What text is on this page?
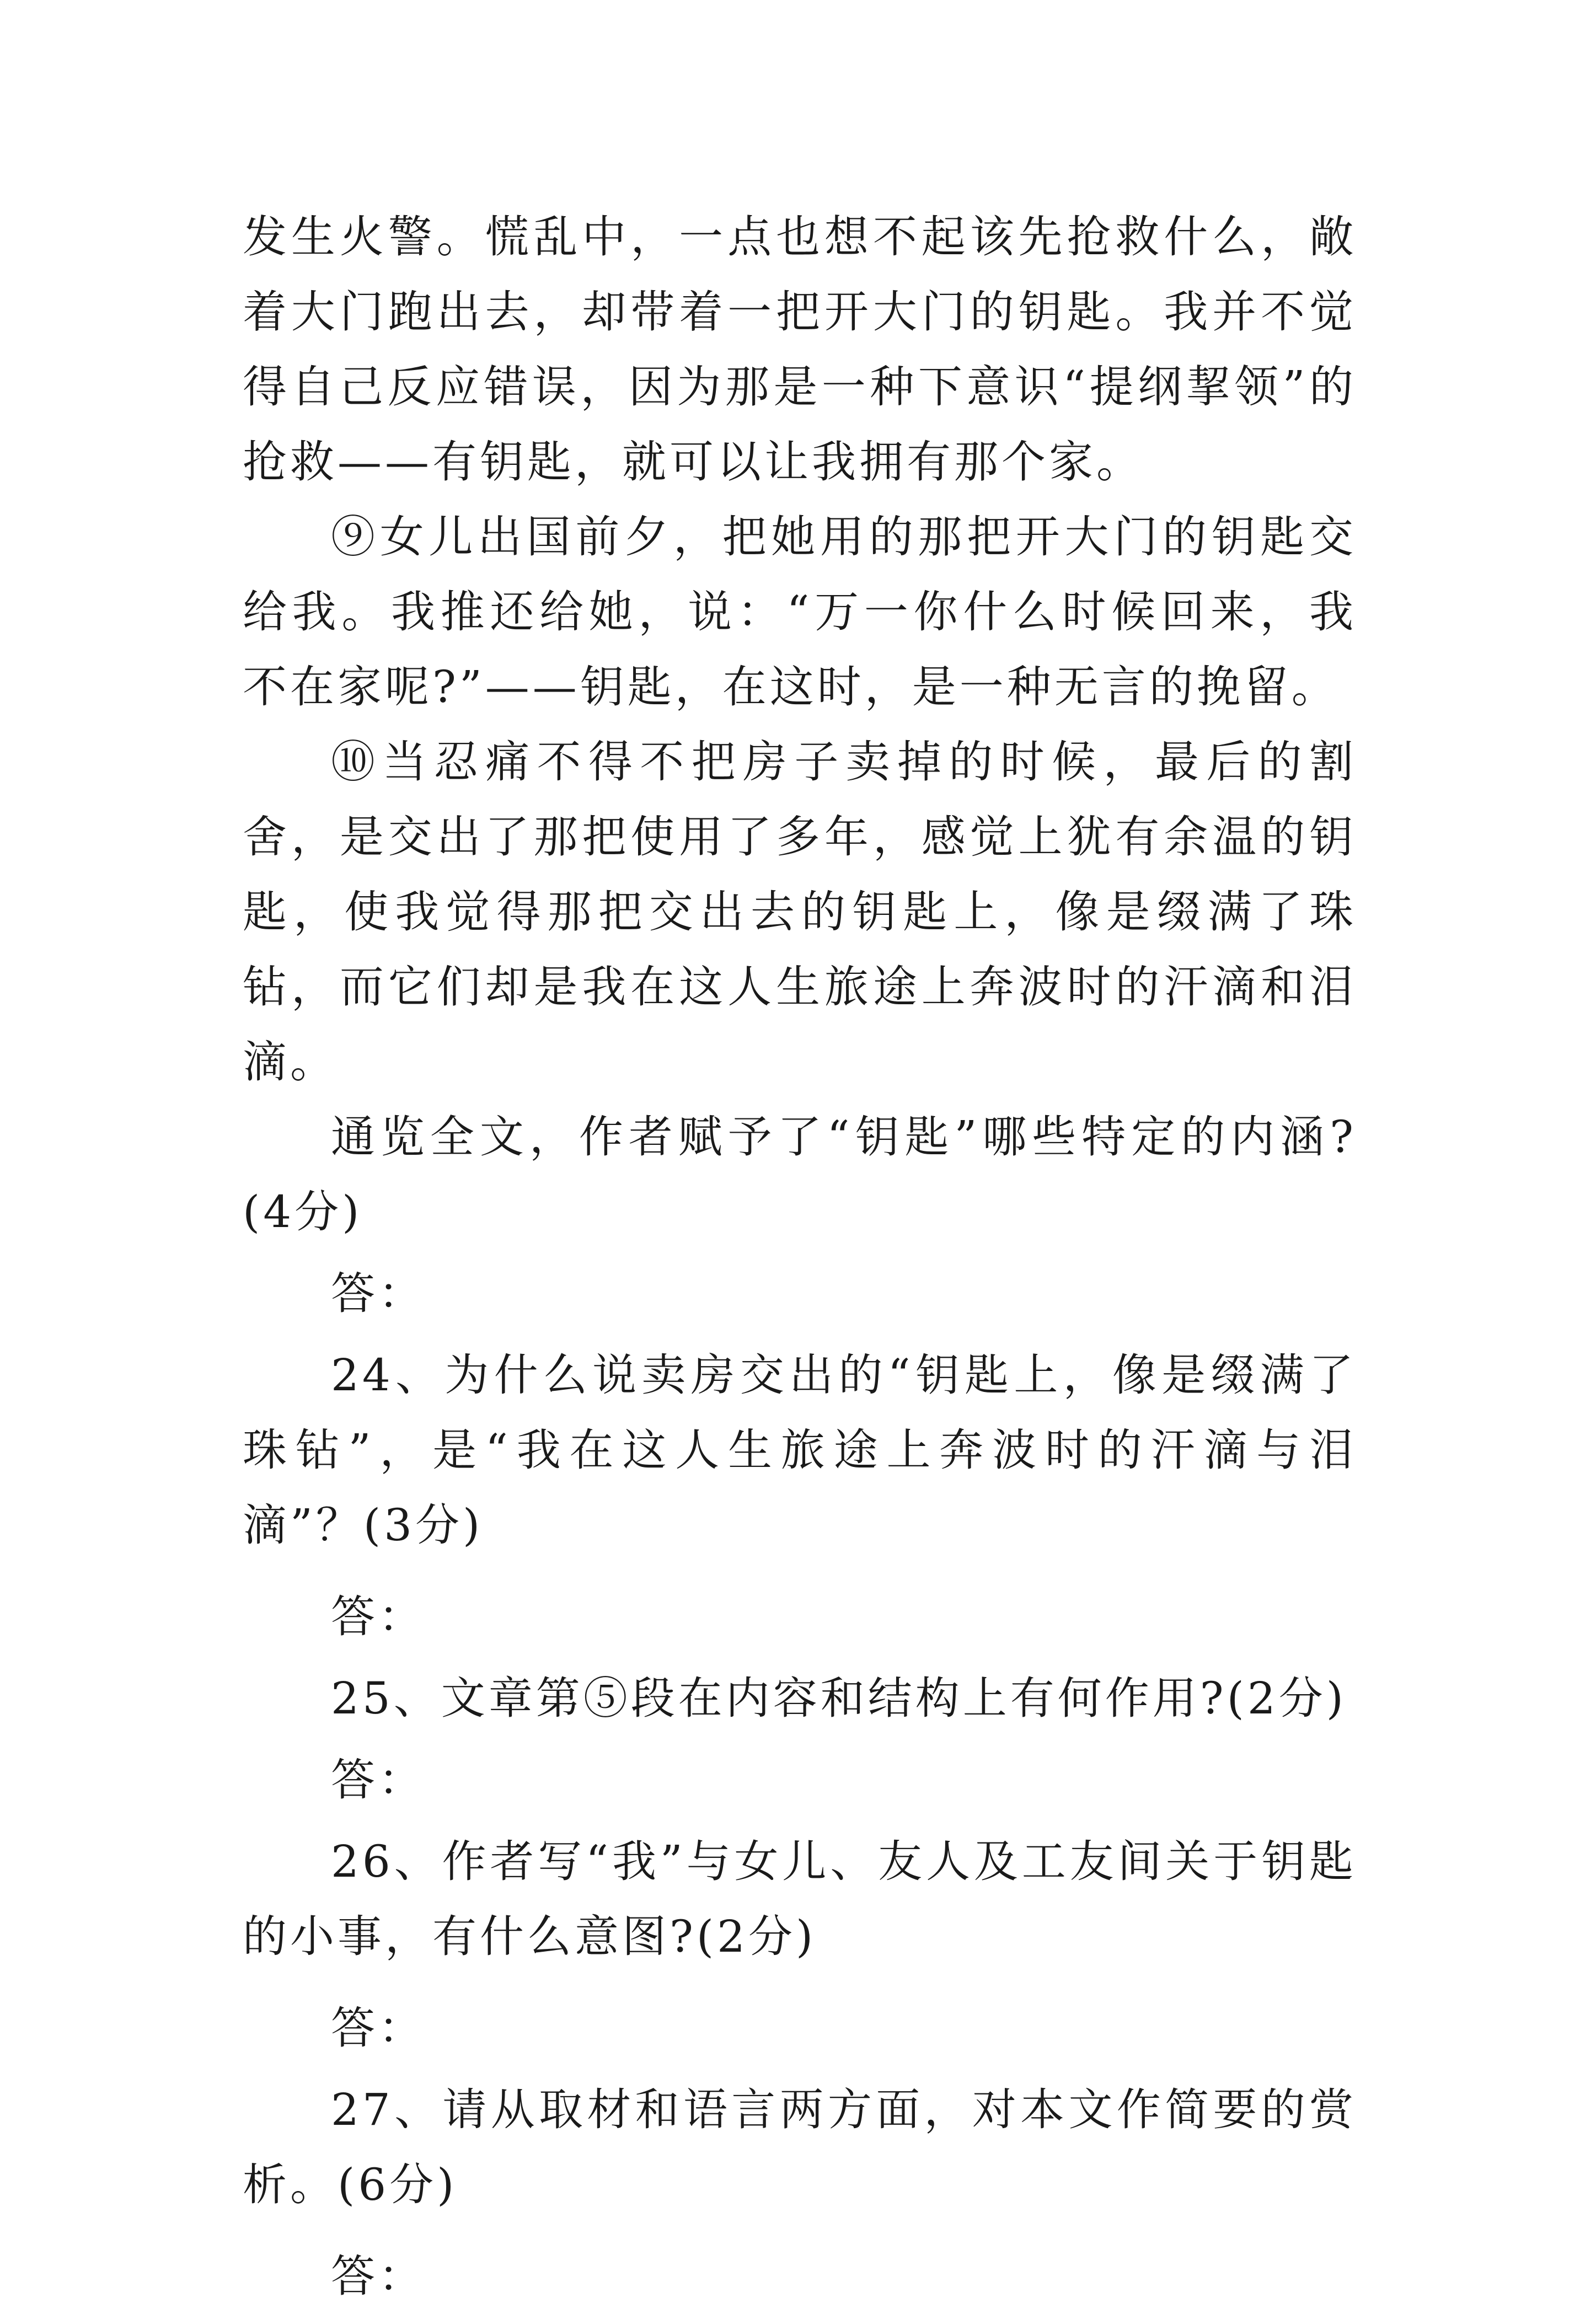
发生火警。慌乱中，一点也想不起该先抢救什么，敞着大门跑出去，却带着一把开大门的钥匙。我并不觉得自己反应错误，因为那是一种下意识“提纲挈领”的抢救——有钥匙，就可以让我拥有那个家。

⑨女儿出国前夕，把她用的那把开大门的钥匙交给我。我推还给她，说：“万一你什么时候回来，我不在家呢?”——钥匙，在这时，是一种无言的挽留。

⑩当忍痛不得不把房子卖掉的时候，最后的割舍，是交出了那把使用了多年，感觉上犹有余温的钥匙，使我觉得那把交出去的钥匙上，像是缀满了珠钻，而它们却是我在这人生旅途上奔波时的汗滴和泪滴。

通览全文，作者赋予了“钥匙”哪些特定的内涵?(4分)

答：

24、为什么说卖房交出的“钥匙上，像是缀满了珠钻”，是“我在这人生旅途上奔波时的汗滴与泪滴”？(3分)

答：

25、文章第⑤段在内容和结构上有何作用?(2分)

答：

26、作者写“我”与女儿、友人及工友间关于钥匙的小事，有什么意图?(2分)

答：

27、请从取材和语言两方面，对本文作简要的赏析。(6分)

答：
